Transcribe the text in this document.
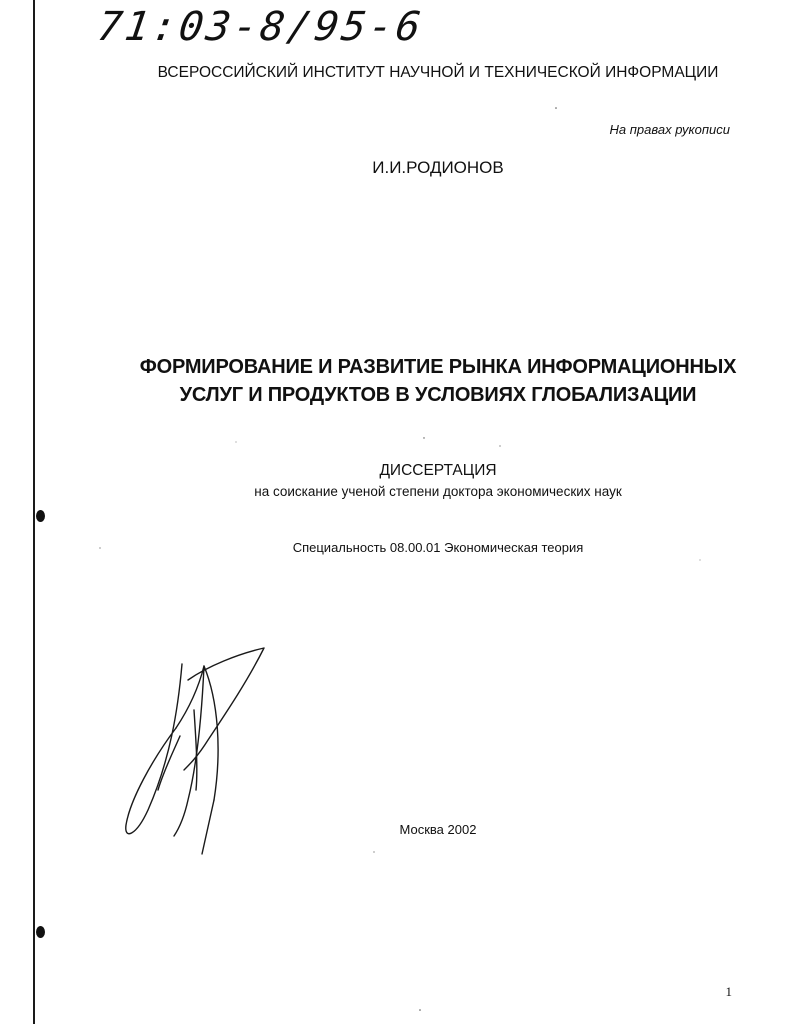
71:03-8/95-6
ВСЕРОССИЙСКИЙ ИНСТИТУТ НАУЧНОЙ И ТЕХНИЧЕСКОЙ ИНФОРМАЦИИ
На правах рукописи
И.И.РОДИОНОВ
ФОРМИРОВАНИЕ И РАЗВИТИЕ РЫНКА ИНФОРМАЦИОННЫХ
УСЛУГ И ПРОДУКТОВ В УСЛОВИЯХ ГЛОБАЛИЗАЦИИ
ДИССЕРТАЦИЯ
на соискание ученой степени доктора экономических наук
Специальность 08.00.01 Экономическая теория
Москва 2002
1
